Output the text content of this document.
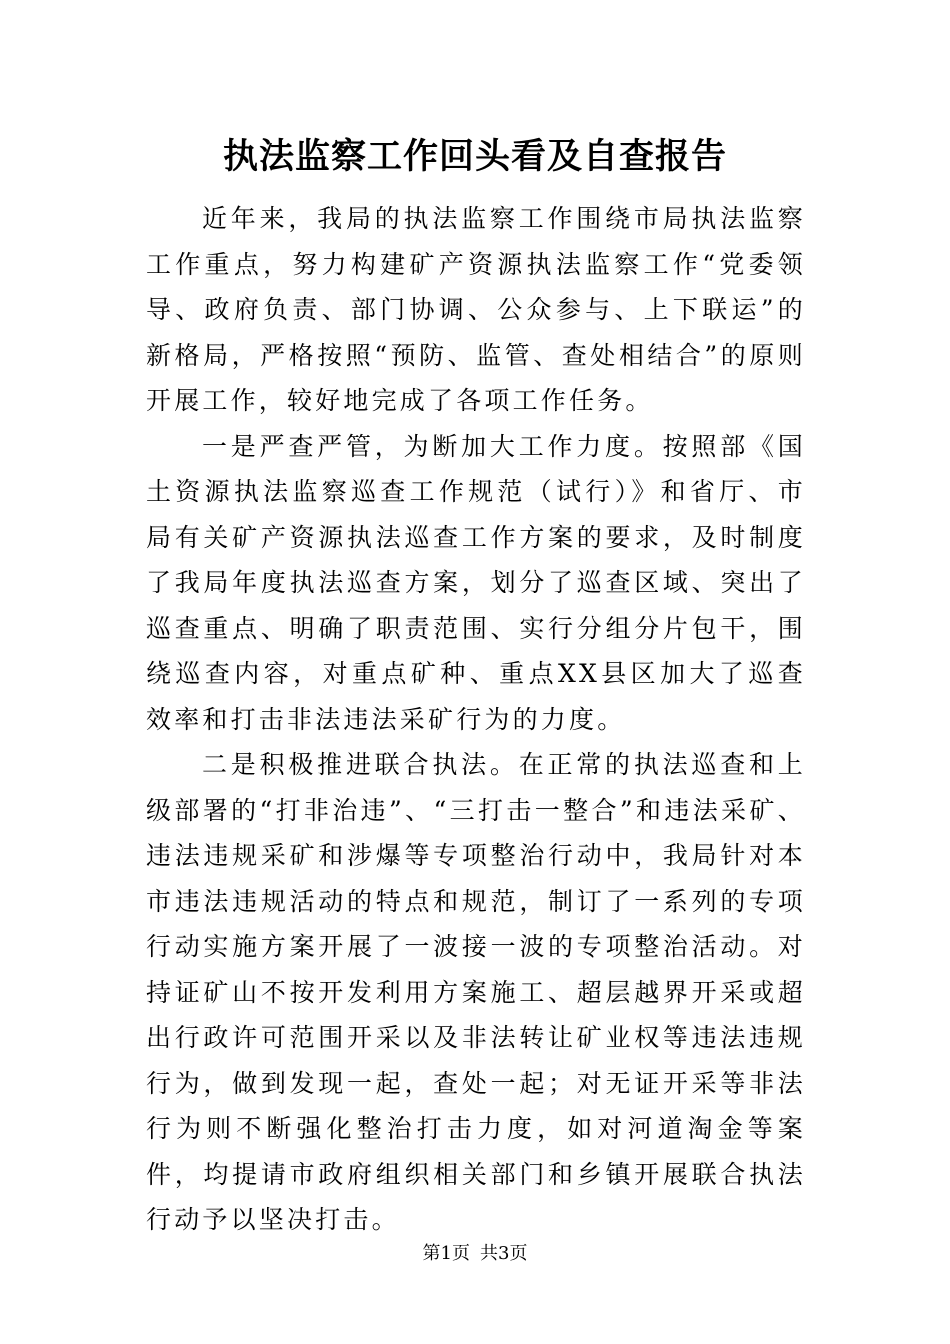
执法监察工作回头看及自查报告

近年来，我局的执法监察工作围绕市局执法监察工作重点，努力构建矿产资源执法监察工作“党委领导、政府负责、部门协调、公众参与、上下联运”的新格局，严格按照“预防、监管、查处相结合”的原则开展工作，较好地完成了各项工作任务。

一是严查严管，为断加大工作力度。按照部《国土资源执法监察巡查工作规范（试行）》和省厅、市局有关矿产资源执法巡查工作方案的要求，及时制度了我局年度执法巡查方案，划分了巡查区域、突出了巡查重点、明确了职责范围、实行分组分片包干，围绕巡查内容，对重点矿种、重点XX县区加大了巡查效率和打击非法违法采矿行为的力度。

二是积极推进联合执法。在正常的执法巡查和上级部署的“打非治违”、“三打击一整合”和违法采矿、违法违规采矿和涉爆等专项整治行动中，我局针对本市违法违规活动的特点和规范，制订了一系列的专项行动实施方案开展了一波接一波的专项整治活动。对持证矿山不按开发利用方案施工、超层越界开采或超出行政许可范围开采以及非法转让矿业权等违法违规行为，做到发现一起，查处一起；对无证开采等非法行为则不断强化整治打击力度，如对河道淘金等案件，均提请市政府组织相关部门和乡镇开展联合执法行动予以坚决打击。

第1页 共3页
